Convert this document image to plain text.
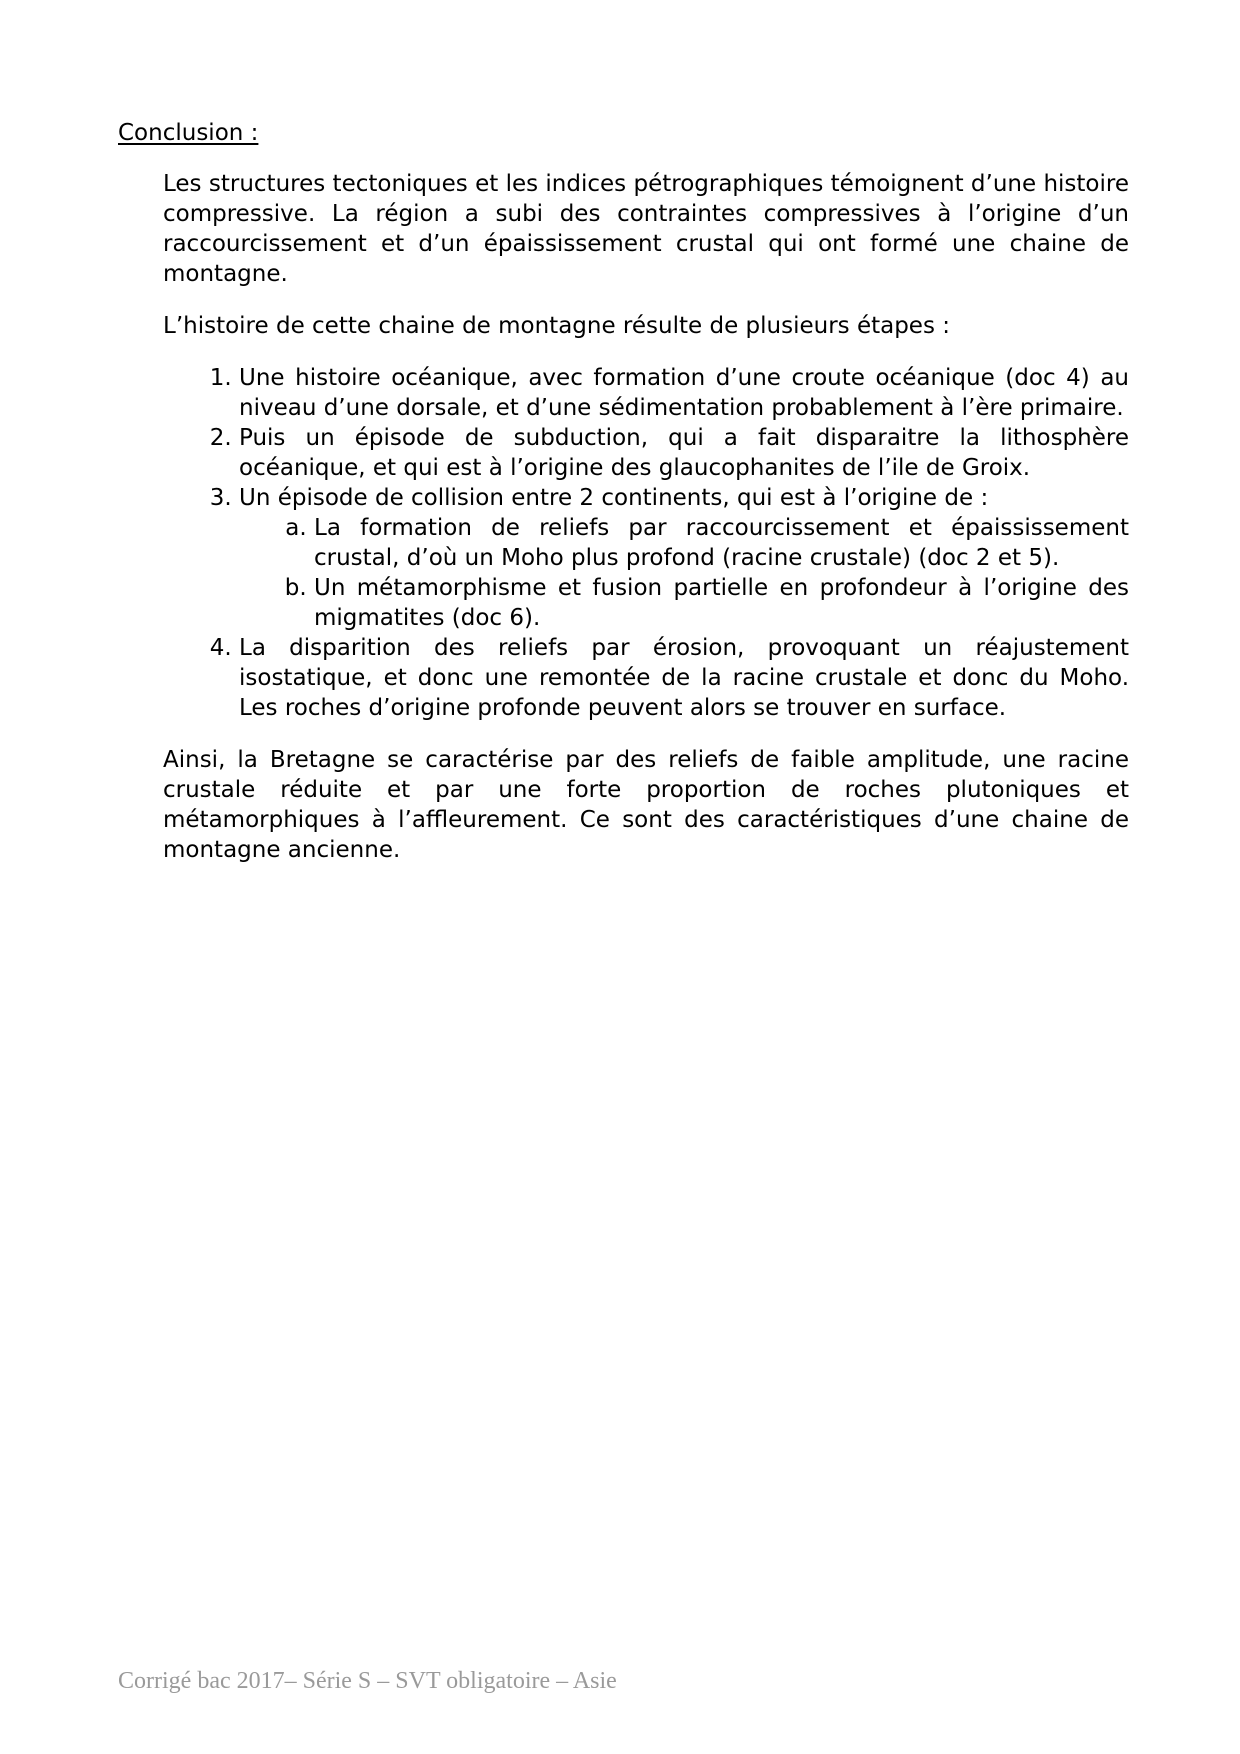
Conclusion :

Les structures tectoniques et les indices pétrographiques témoignent d’une histoire compressive. La région a subi des contraintes compressives à l’origine d’un raccourcissement et d’un épaississement crustal qui ont formé une chaine de montagne.

L’histoire de cette chaine de montagne résulte de plusieurs étapes :

1. Une histoire océanique, avec formation d’une croute océanique (doc 4) au niveau d’une dorsale, et d’une sédimentation probablement à l’ère primaire.
2. Puis un épisode de subduction, qui a fait disparaitre la lithosphère océanique, et qui est à l’origine des glaucophanites de l’ile de Groix.
3. Un épisode de collision entre 2 continents, qui est à l’origine de :
a. La formation de reliefs par raccourcissement et épaississement crustal, d’où un Moho plus profond (racine crustale) (doc 2 et 5).
b. Un métamorphisme et fusion partielle en profondeur à l’origine des migmatites (doc 6).
4. La disparition des reliefs par érosion, provoquant un réajustement isostatique, et donc une remontée de la racine crustale et donc du Moho. Les roches d’origine profonde peuvent alors se trouver en surface.

Ainsi, la Bretagne se caractérise par des reliefs de faible amplitude, une racine crustale réduite et par une forte proportion de roches plutoniques et métamorphiques à l’affleurement. Ce sont des caractéristiques d’une chaine de montagne ancienne.

Corrigé bac 2017– Série S – SVT obligatoire – Asie
